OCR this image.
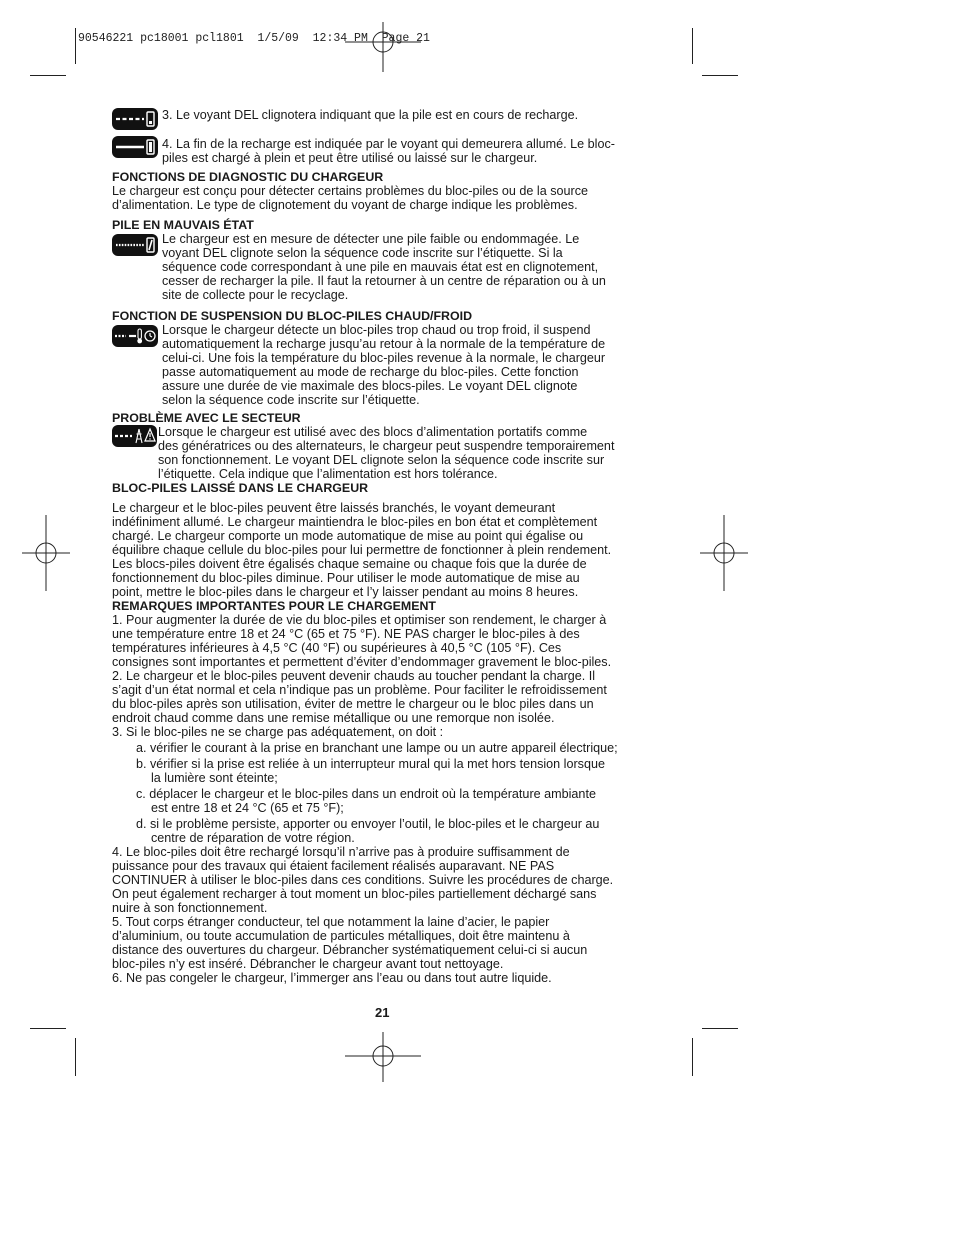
90546221 pc18001 pcl1801  1/5/09  12:34 PM  Page 21

3. Le voyant DEL clignotera indiquant que la pile est en cours de recharge.

4. La fin de la recharge est indiquée par le voyant qui demeurera allumé. Le bloc-
piles est chargé à plein et peut être utilisé ou laissé sur le chargeur.
FONCTIONS DE DIAGNOSTIC DU CHARGEUR
Le chargeur est conçu pour détecter certains problèmes du bloc-piles ou de la source
d’alimentation. Le type de clignotement du voyant de charge indique les problèmes.
PILE EN MAUVAIS ÉTAT
Le chargeur est en mesure de détecter une pile faible ou endommagée. Le
voyant DEL clignote selon la séquence code inscrite sur l’étiquette. Si la
séquence code correspondant à une pile en mauvais état est en clignotement,
cesser de recharger la pile. Il faut la retourner à un centre de réparation ou à un
site de collecte pour le recyclage.
FONCTION DE SUSPENSION DU BLOC-PILES CHAUD/FROID
Lorsque le chargeur détecte un bloc-piles trop chaud ou trop froid, il suspend
automatiquement la recharge jusqu’au retour à la normale de la température de
celui-ci. Une fois la température du bloc-piles revenue à la normale, le chargeur
passe automatiquement au mode de recharge du bloc-piles. Cette fonction
assure une durée de vie maximale des blocs-piles. Le voyant DEL clignote
selon la séquence code inscrite sur l’étiquette.
PROBLÈME AVEC LE SECTEUR
Lorsque le chargeur est utilisé avec des blocs d’alimentation portatifs comme
des génératrices ou des alternateurs, le chargeur peut suspendre temporairement
son fonctionnement. Le voyant DEL clignote selon la séquence code inscrite sur
l’étiquette. Cela indique que l’alimentation est hors tolérance.
BLOC-PILES LAISSÉ DANS LE CHARGEUR
Le chargeur et le bloc-piles peuvent être laissés branchés, le voyant demeurant
indéfiniment allumé. Le chargeur maintiendra le bloc-piles en bon état et complètement
chargé. Le chargeur comporte un mode automatique de mise au point qui égalise ou
équilibre chaque cellule du bloc-piles pour lui permettre de fonctionner à plein rendement.
Les blocs-piles doivent être égalisés chaque semaine ou chaque fois que la durée de
fonctionnement du bloc-piles diminue. Pour utiliser le mode automatique de mise au
point, mettre le bloc-piles dans le chargeur et l’y laisser pendant au moins 8 heures.
REMARQUES IMPORTANTES POUR LE CHARGEMENT
1. Pour augmenter la durée de vie du bloc-piles et optimiser son rendement, le charger à
une température entre 18 et 24 °C (65 et 75 °F). NE PAS charger le bloc-piles à des
températures inférieures à 4,5 °C (40 °F) ou supérieures à 40,5 °C (105 °F). Ces
consignes sont importantes et permettent d’éviter d’endommager gravement le bloc-piles.
2. Le chargeur et le bloc-piles peuvent devenir chauds au toucher pendant la charge. Il
s’agit d’un état normal et cela n’indique pas un problème. Pour faciliter le refroidissement
du bloc-piles après son utilisation, éviter de mettre le chargeur ou le bloc piles dans un
endroit chaud comme dans une remise métallique ou une remorque non isolée.
3. Si le bloc-piles ne se charge pas adéquatement, on doit :
a. vérifier le courant à la prise en branchant une lampe ou un autre appareil électrique;
b. vérifier si la prise est reliée à un interrupteur mural qui la met hors tension lorsque
la lumière sont éteinte;
c. déplacer le chargeur et le bloc-piles dans un endroit où la température ambiante
est entre 18 et 24 °C (65 et 75 °F);
d. si le problème persiste, apporter ou envoyer l’outil, le bloc-piles et le chargeur au
centre de réparation de votre région.
4. Le bloc-piles doit être rechargé lorsqu’il n’arrive pas à produire suffisamment de
puissance pour des travaux qui étaient facilement réalisés auparavant. NE PAS
CONTINUER à utiliser le bloc-piles dans ces conditions. Suivre les procédures de charge.
On peut également recharger à tout moment un bloc-piles partiellement déchargé sans
nuire à son fonctionnement.
5. Tout corps étranger conducteur, tel que notamment la laine d’acier, le papier
d’aluminium, ou toute accumulation de particules métalliques, doit être maintenu à
distance des ouvertures du chargeur. Débrancher systématiquement celui-ci si aucun
bloc-piles n’y est inséré. Débrancher le chargeur avant tout nettoyage.
6. Ne pas congeler le chargeur, l’immerger ans l’eau ou dans tout autre liquide.
21
